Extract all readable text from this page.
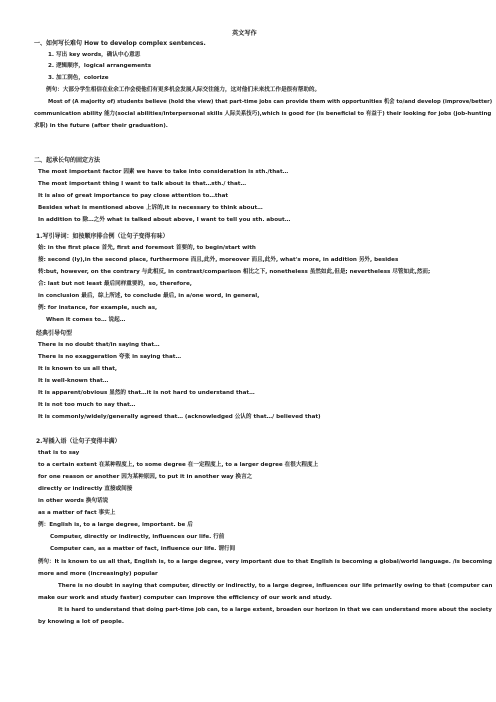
英文写作
一、如何写长难句 How to develop complex sentences.
1. 写出 key words，确认中心意思
2. 逻辑顺序，logical arrangements
3. 加工润色，colorize
例句：大部分学生相信在业余工作会使他们有更多机会发展人际交往能力，这对他们未来找工作是很有帮助的。
Most of (A majority of) students believe (hold the view) that part-time jobs can provide them with opportunities 机会 to/and develop (improve/better)
communication ability 能力(social abilities/interpersonal skills 人际关系技巧),which is good for (is beneficial to 有益于) their looking for jobs (job-hunting
求职) in the future (after their graduation).
二、起承长句的固定方法
The most important factor 因素 we have to take into consideration is sth./that…
The most important thing I want to talk about is that…sth./ that…
It is also of great importance to pay close attention to…that
Besides what is mentioned above 上诉的,it is necessary to think about…
In addition to 除…之外 what is talked about above, I want to tell you sth. about…
1.写引导词：如按顺序排合例（让句子变得有味）
始: in the first place 首先, first and foremost 首要的, to begin/start with
接: second (ly),in the second place, furthermore 而且,此外, moreover 而且,此外, what's more, in addition 另外, besides
转:but, however, on the contrary 与此相反, in contrast/comparison 相比之下, nonetheless 虽然如此,但是; nevertheless 尽管如此,然而;
合: last but not least 最后同样重要的，so, therefore,
in conclusion 最后，综上所述, to conclude 最后, in a/one word, in general,
例: for instance, for example, such as,
When it comes to… 说起…
经典引导句型
There is no doubt that/in saying that…
There is no exaggeration 夸张 in saying that…
It is known to us all that,
It is well-known that…
It is apparent/obvious 显然的 that…it is not hard to understand that…
It is not too much to say that…
It is commonly/widely/generally agreed that… (acknowledged 公认的 that…/ believed that)
2.写插入语（让句子变得丰满）
that is to say
to a certain extent 在某种程度上, to some degree 在一定程度上, to a larger degree 在很大程度上
for one reason or another 因为某种原因, to put it in another way 换言之
directly or indirectly 直接或间接
in other words 换句话说
as a matter of fact 事实上
例：English is, to a large degree, important. be 后
Computer, directly or indirectly, influences our life. 行前
Computer can, as a matter of fact, influence our life. 谓行间
例句：It is known to us all that, English is, to a large degree, very important due to that English is becoming a global/world language. /is becoming
more and more (increasingly) popular
There is no doubt in saying that computer, directly or indirectly, to a large degree, influences our life primarily owing to that (computer can
make our work and study faster) computer can improve the efficiency of our work and study.
It is hard to understand that doing part-time job can, to a large extent, broaden our horizon in that we can understand more about the society
by knowing a lot of people.
